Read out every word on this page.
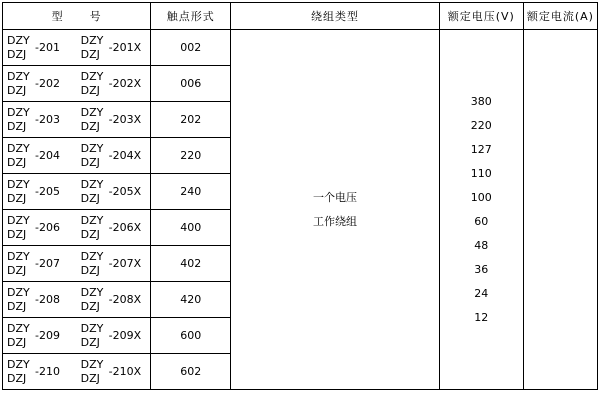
型 号	触点形式	绕组类型	额定电压(V)	额定电流(A)

DZY
DZJ -201
DZY
DZJ -201X	002	
一个电压
工作绕组

380
220
127
110
100
60
48
36
24
12

DZY
DZJ -202
DZY
DZJ -202X	006

DZY
DZJ -203
DZY
DZJ -203X	202

DZY
DZJ -204
DZY
DZJ -204X	220

DZY
DZJ -205
DZY
DZJ -205X	240

DZY
DZJ -206
DZY
DZJ -206X	400

DZY
DZJ -207
DZY
DZJ -207X	402

DZY
DZJ -208
DZY
DZJ -208X	420

DZY
DZJ -209
DZY
DZJ -209X	600

DZY
DZJ -210
DZY
DZJ -210X	602
